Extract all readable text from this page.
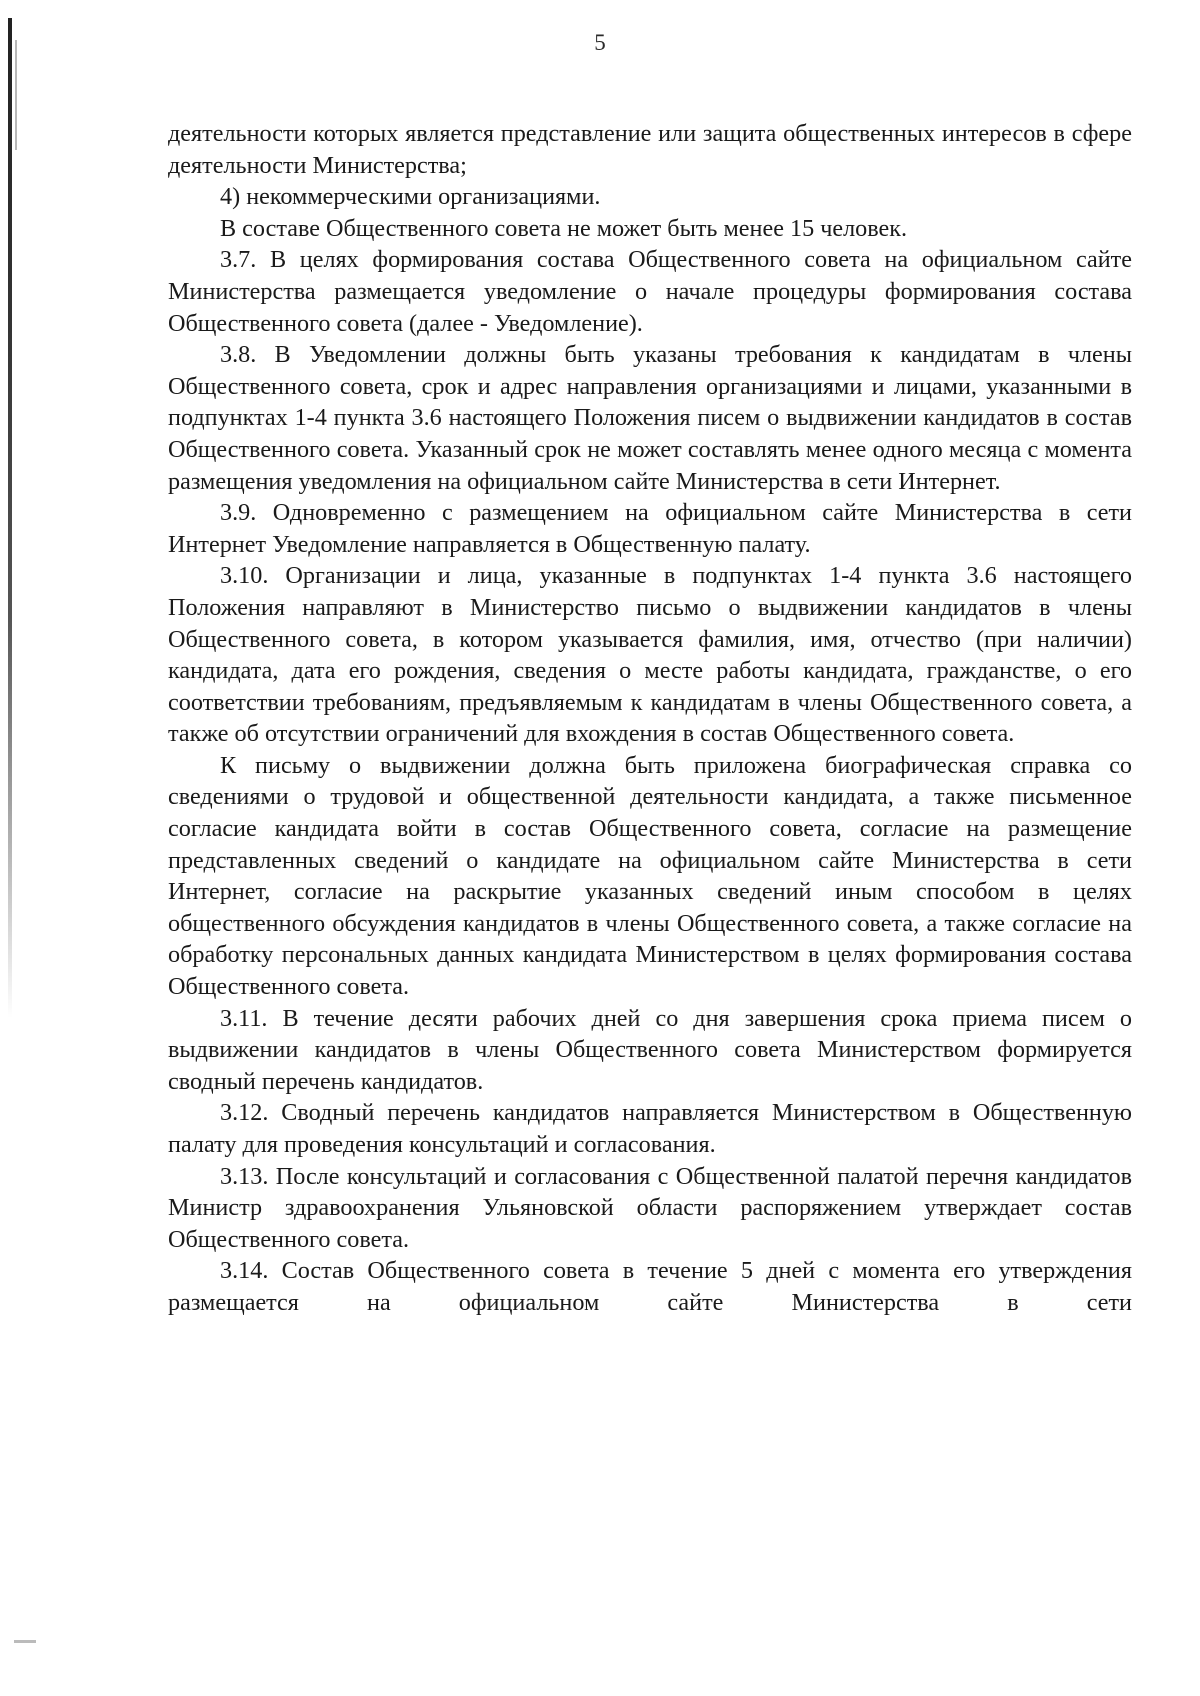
5

деятельности которых является представление или защита общественных интересов в сфере деятельности Министерства;

4) некоммерческими организациями.

В составе Общественного совета не может быть менее 15 человек.

3.7. В целях формирования состава Общественного совета на официальном сайте Министерства размещается уведомление о начале процедуры формирования состава Общественного совета (далее - Уведомление).

3.8. В Уведомлении должны быть указаны требования к кандидатам в члены Общественного совета, срок и адрес направления организациями и лицами, указанными в подпунктах 1-4 пункта 3.6 настоящего Положения писем о выдвижении кандидатов в состав Общественного совета. Указанный срок не может составлять менее одного месяца с момента размещения уведомления на официальном сайте Министерства в сети Интернет.

3.9. Одновременно с размещением на официальном сайте Министерства в сети Интернет Уведомление направляется в Общественную палату.

3.10. Организации и лица, указанные в подпунктах 1-4 пункта 3.6 настоящего Положения направляют в Министерство письмо о выдвижении кандидатов в члены Общественного совета, в котором указывается фамилия, имя, отчество (при наличии) кандидата, дата его рождения, сведения о месте работы кандидата, гражданстве, о его соответствии требованиям, предъявляемым к кандидатам в члены Общественного совета, а также об отсутствии ограничений для вхождения в состав Общественного совета.

К письму о выдвижении должна быть приложена биографическая справка со сведениями о трудовой и общественной деятельности кандидата, а также письменное согласие кандидата войти в состав Общественного совета, согласие на размещение представленных сведений о кандидате на официальном сайте Министерства в сети Интернет, согласие на раскрытие указанных сведений иным способом в целях общественного обсуждения кандидатов в члены Общественного совета, а также согласие на обработку персональных данных кандидата Министерством в целях формирования состава Общественного совета.

3.11. В течение десяти рабочих дней со дня завершения срока приема писем о выдвижении кандидатов в члены Общественного совета Министерством формируется сводный перечень кандидатов.

3.12. Сводный перечень кандидатов направляется Министерством в Общественную палату для проведения консультаций и согласования.

3.13. После консультаций и согласования с Общественной палатой перечня кандидатов Министр здравоохранения Ульяновской области распоряжением утверждает состав Общественного совета.

3.14. Состав Общественного совета в течение 5 дней с момента его утверждения размещается на официальном сайте Министерства в сети
